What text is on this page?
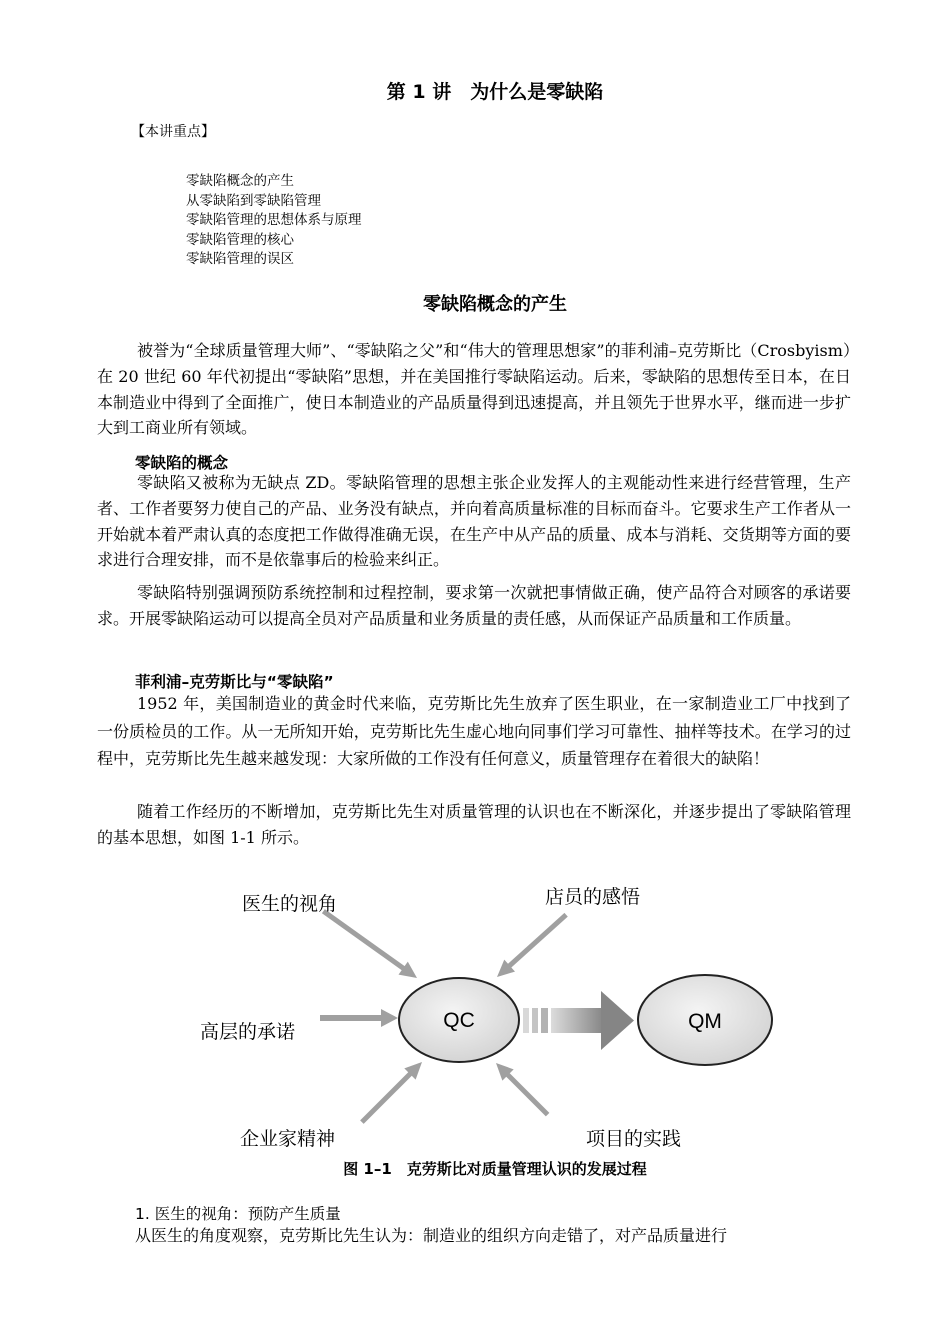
第 1 讲　为什么是零缺陷
【本讲重点】
零缺陷概念的产生
从零缺陷到零缺陷管理
零缺陷管理的思想体系与原理
零缺陷管理的核心
零缺陷管理的误区
零缺陷概念的产生

被誉为“全球质量管理大师”、“零缺陷之父”和“伟大的管理思想家”的菲利浦–克劳斯比（Crosbyism）在 20 世纪 60 年代初提出“零缺陷”思想，并在美国推行零缺陷运动。后来，零缺陷的思想传至日本，在日本制造业中得到了全面推广，使日本制造业的产品质量得到迅速提高，并且领先于世界水平，继而进一步扩大到工商业所有领域。

零缺陷的概念

零缺陷又被称为无缺点 ZD。零缺陷管理的思想主张企业发挥人的主观能动性来进行经营管理，生产者、工作者要努力使自己的产品、业务没有缺点，并向着高质量标准的目标而奋斗。它要求生产工作者从一开始就本着严肃认真的态度把工作做得准确无误，在生产中从产品的质量、成本与消耗、交货期等方面的要求进行合理安排，而不是依靠事后的检验来纠正。

零缺陷特别强调预防系统控制和过程控制，要求第一次就把事情做正确，使产品符合对顾客的承诺要求。开展零缺陷运动可以提高全员对产品质量和业务质量的责任感，从而保证产品质量和工作质量。

菲利浦–克劳斯比与“零缺陷”

1952 年，美国制造业的黄金时代来临，克劳斯比先生放弃了医生职业，在一家制造业工厂中找到了一份质检员的工作。从一无所知开始，克劳斯比先生虚心地向同事们学习可靠性、抽样等技术。在学习的过程中，克劳斯比先生越来越发现：大家所做的工作没有任何意义，质量管理存在着很大的缺陷！

随着工作经历的不断增加，克劳斯比先生对质量管理的认识也在不断深化，并逐步提出了零缺陷管理的基本思想，如图 1-1 所示。

QC	QM
医生的视角	店员的感悟
高层的承诺
企业家精神	项目的实践
图 1–1　克劳斯比对质量管理认识的发展过程
1. 医生的视角：预防产生质量
从医生的角度观察，克劳斯比先生认为：制造业的组织方向走错了，对产品质量进行
